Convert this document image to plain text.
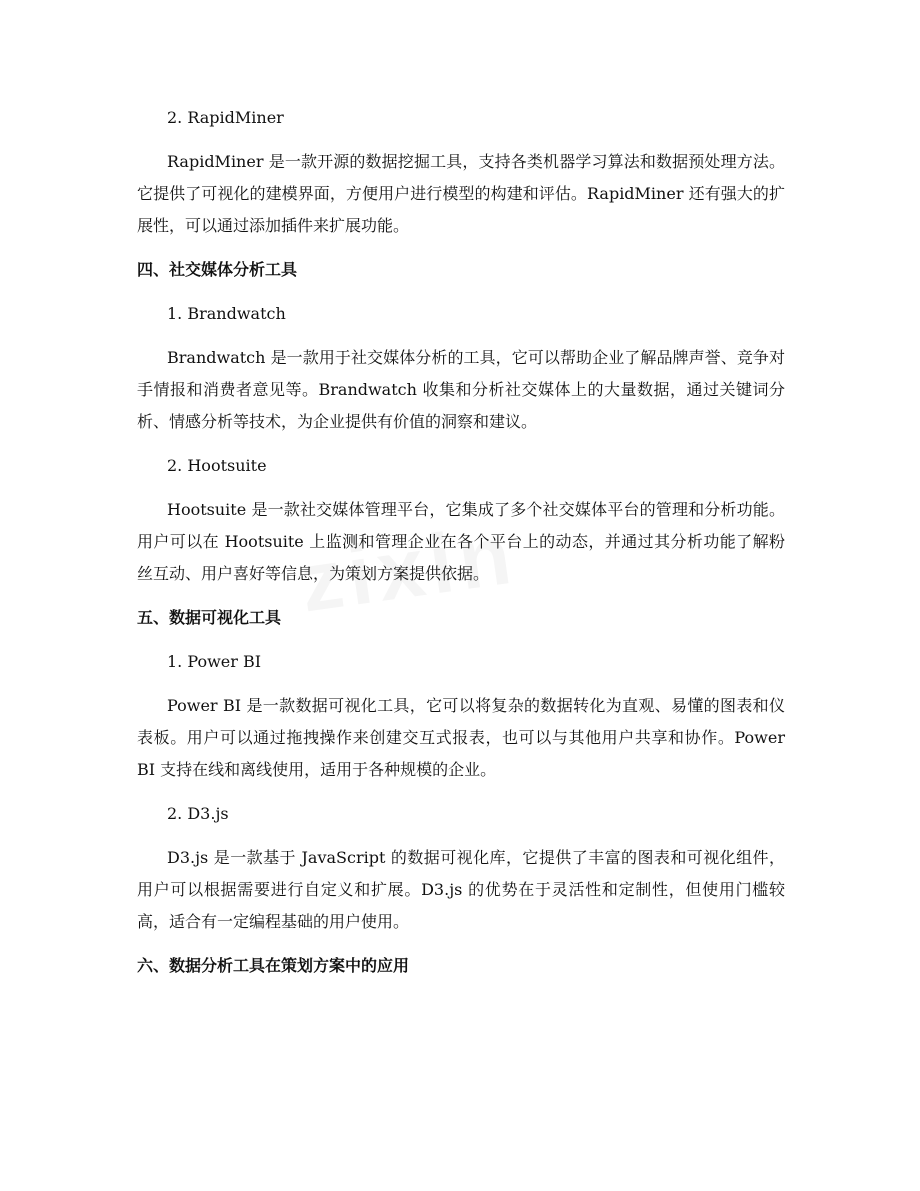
2. RapidMiner

RapidMiner 是一款开源的数据挖掘工具，支持各类机器学习算法和数据预处理方法。它提供了可视化的建模界面，方便用户进行模型的构建和评估。RapidMiner 还有强大的扩展性，可以通过添加插件来扩展功能。

四、社交媒体分析工具
1. Brandwatch

Brandwatch 是一款用于社交媒体分析的工具，它可以帮助企业了解品牌声誉、竞争对手情报和消费者意见等。Brandwatch 收集和分析社交媒体上的大量数据，通过关键词分析、情感分析等技术，为企业提供有价值的洞察和建议。

2. Hootsuite

Hootsuite 是一款社交媒体管理平台，它集成了多个社交媒体平台的管理和分析功能。用户可以在 Hootsuite 上监测和管理企业在各个平台上的动态，并通过其分析功能了解粉丝互动、用户喜好等信息，为策划方案提供依据。

五、数据可视化工具
1. Power BI

Power BI 是一款数据可视化工具，它可以将复杂的数据转化为直观、易懂的图表和仪表板。用户可以通过拖拽操作来创建交互式报表，也可以与其他用户共享和协作。Power BI 支持在线和离线使用，适用于各种规模的企业。

2. D3.js

D3.js 是一款基于 JavaScript 的数据可视化库，它提供了丰富的图表和可视化组件，用户可以根据需要进行自定义和扩展。D3.js 的优势在于灵活性和定制性，但使用门槛较高，适合有一定编程基础的用户使用。

六、数据分析工具在策划方案中的应用
